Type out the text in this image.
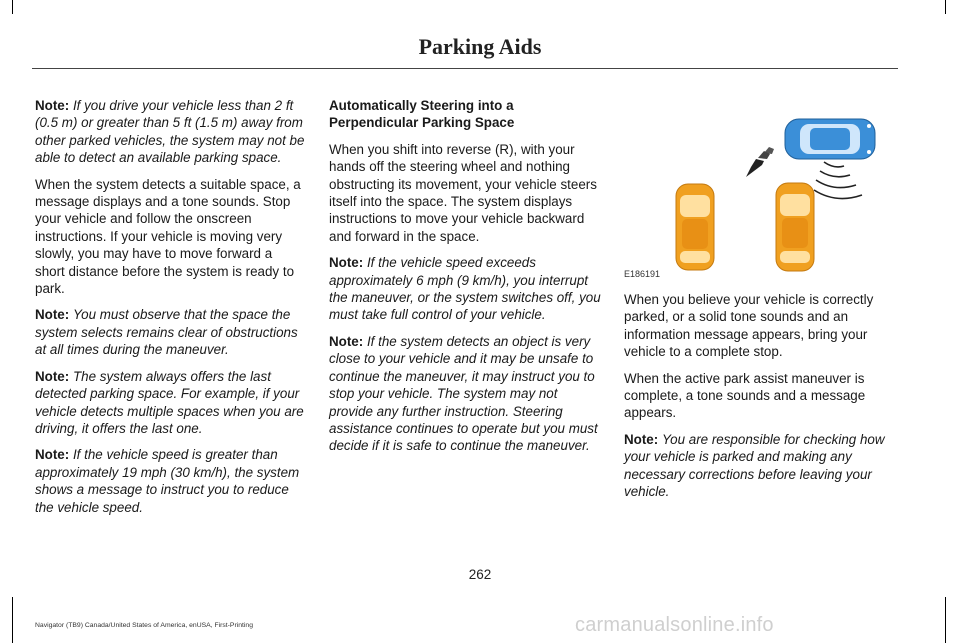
Parking Aids

Note: If you drive your vehicle less than 2 ft (0.5 m) or greater than 5 ft (1.5 m) away from other parked vehicles, the system may not be able to detect an available parking space.

When the system detects a suitable space, a message displays and a tone sounds. Stop your vehicle and follow the onscreen instructions. If your vehicle is moving very slowly, you may have to move forward a short distance before the system is ready to park.

Note: You must observe that the space the system selects remains clear of obstructions at all times during the maneuver.

Note: The system always offers the last detected parking space. For example, if your vehicle detects multiple spaces when you are driving, it offers the last one.

Note: If the vehicle speed is greater than approximately 19 mph (30 km/h), the system shows a message to instruct you to reduce the vehicle speed.

Automatically Steering into a Perpendicular Parking Space

When you shift into reverse (R), with your hands off the steering wheel and nothing obstructing its movement, your vehicle steers itself into the space. The system displays instructions to move your vehicle backward and forward in the space.

Note: If the vehicle speed exceeds approximately 6 mph (9 km/h), you interrupt the maneuver, or the system switches off, you must take full control of your vehicle.

Note: If the system detects an object is very close to your vehicle and it may be unsafe to continue the maneuver, it may instruct you to stop your vehicle. The system may not provide any further instruction. Steering assistance continues to operate but you must decide if it is safe to continue the maneuver.

E186191

When you believe your vehicle is correctly parked, or a solid tone sounds and an information message appears, bring your vehicle to a complete stop.

When the active park assist maneuver is complete, a tone sounds and a message appears.

Note: You are responsible for checking how your vehicle is parked and making any necessary corrections before leaving your vehicle.

262
Navigator (TB9) Canada/United States of America, enUSA, First-Printing	carmanualsonline.info
